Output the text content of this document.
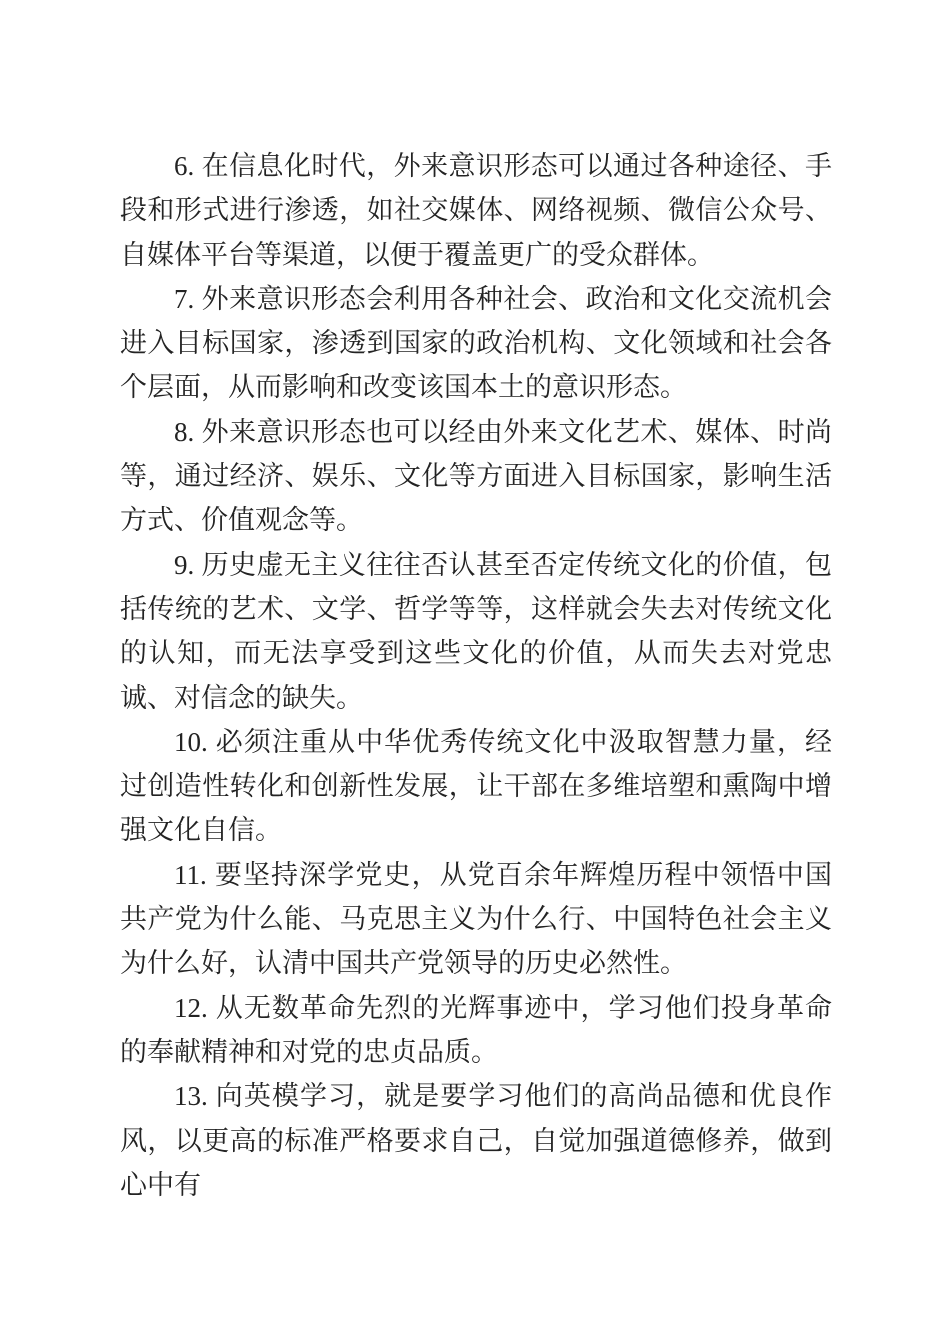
6. 在信息化时代，外来意识形态可以通过各种途径、手段和形式进行渗透，如社交媒体、网络视频、微信公众号、自媒体平台等渠道，以便于覆盖更广的受众群体。

7. 外来意识形态会利用各种社会、政治和文化交流机会进入目标国家，渗透到国家的政治机构、文化领域和社会各个层面，从而影响和改变该国本土的意识形态。

8. 外来意识形态也可以经由外来文化艺术、媒体、时尚等，通过经济、娱乐、文化等方面进入目标国家，影响生活方式、价值观念等。

9. 历史虚无主义往往否认甚至否定传统文化的价值，包括传统的艺术、文学、哲学等等，这样就会失去对传统文化的认知，而无法享受到这些文化的价值，从而失去对党忠诚、对信念的缺失。

10. 必须注重从中华优秀传统文化中汲取智慧力量，经过创造性转化和创新性发展，让干部在多维培塑和熏陶中增强文化自信。

11. 要坚持深学党史，从党百余年辉煌历程中领悟中国共产党为什么能、马克思主义为什么行、中国特色社会主义为什么好，认清中国共产党领导的历史必然性。

12. 从无数革命先烈的光辉事迹中，学习他们投身革命的奉献精神和对党的忠贞品质。

13. 向英模学习，就是要学习他们的高尚品德和优良作风，以更高的标准严格要求自己，自觉加强道德修养，做到心中有
